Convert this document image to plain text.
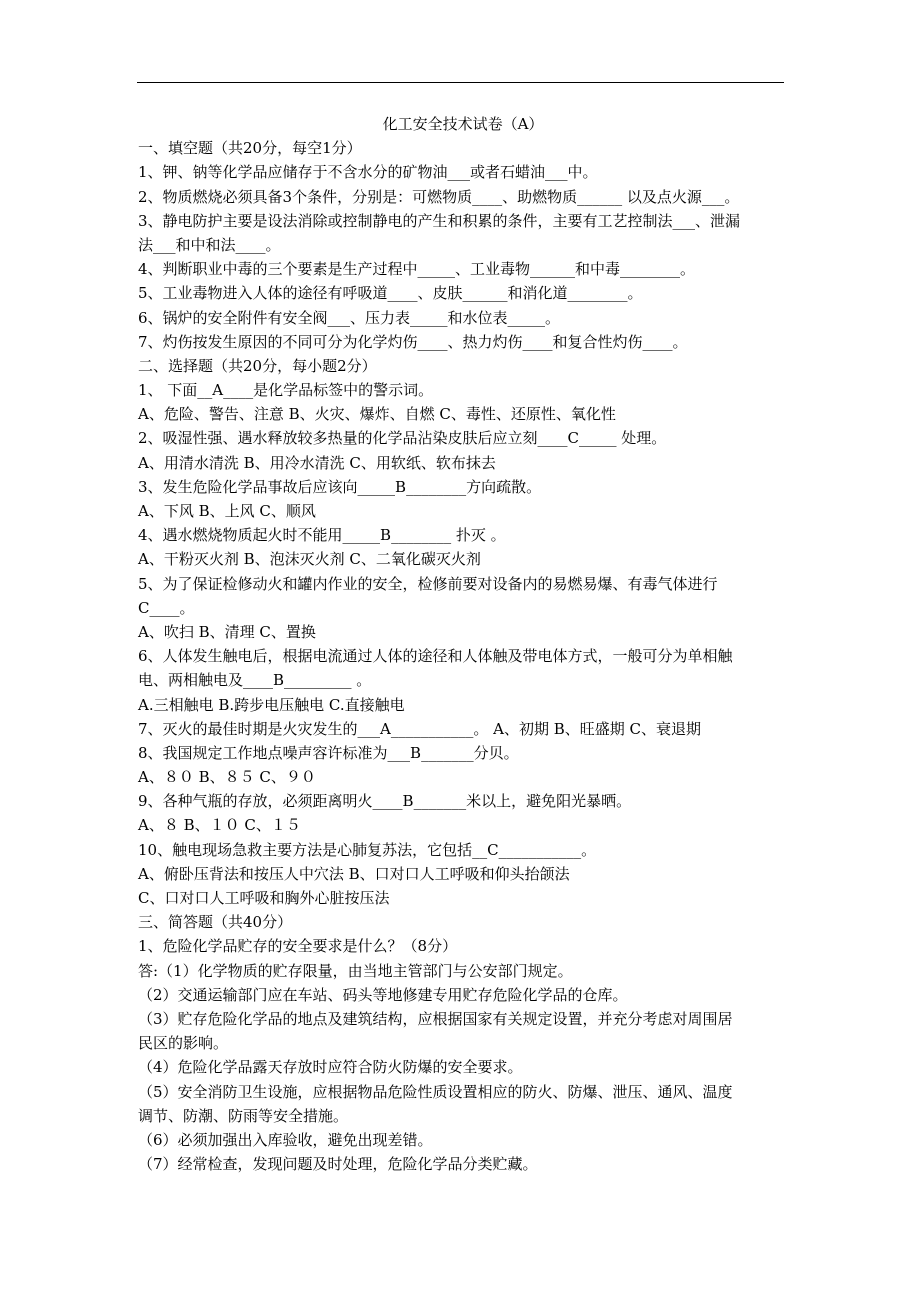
化工安全技术试卷（A）
一、填空题（共20分，每空1分）
1、钾、钠等化学品应储存于不含水分的矿物油___或者石蜡油___中。
2、物质燃烧必须具备3个条件，分别是：可燃物质____、助燃物质______ 以及点火源___。
3、静电防护主要是设法消除或控制静电的产生和积累的条件，主要有工艺控制法___、泄漏
法___和中和法____。
4、判断职业中毒的三个要素是生产过程中_____、工业毒物______和中毒________。
5、工业毒物进入人体的途径有呼吸道____、皮肤______和消化道________。
6、锅炉的安全附件有安全阀___、压力表_____和水位表_____。
7、灼伤按发生原因的不同可分为化学灼伤____、热力灼伤____和复合性灼伤____。
二、选择题（共20分，每小题2分）
1、 下面__A____是化学品标签中的警示词。
A、危险、警告、注意 B、火灾、爆炸、自燃 C、毒性、还原性、氧化性
2、吸湿性强、遇水释放较多热量的化学品沾染皮肤后应立刻____C_____ 处理。
A、用清水清洗 B、用冷水清洗 C、用软纸、软布抹去
3、发生危险化学品事故后应该向_____B________方向疏散。
A、下风 B、上风 C、顺风
4、遇水燃烧物质起火时不能用_____B________ 扑灭 。
A、干粉灭火剂 B、泡沫灭火剂 C、二氧化碳灭火剂
5、为了保证检修动火和罐内作业的安全，检修前要对设备内的易燃易爆、有毒气体进行
C____。
A、吹扫 B、清理 C、置换
6、人体发生触电后，根据电流通过人体的途径和人体触及带电体方式，一般可分为单相触
电、两相触电及____B_________ 。
A.三相触电 B.跨步电压触电 C.直接触电
7、灭火的最佳时期是火灾发生的___A___________。 A、初期 B、旺盛期 C、衰退期
8、我国规定工作地点噪声容许标准为___B_______分贝。
A、８０ B、８５ C、９０
9、各种气瓶的存放，必须距离明火____B_______米以上，避免阳光暴晒。
A、８ B、１０ C、１５
10、触电现场急救主要方法是心肺复苏法，它包括__C___________。
A、俯卧压背法和按压人中穴法 B、口对口人工呼吸和仰头抬颌法
C、口对口人工呼吸和胸外心脏按压法
三、简答题（共40分）
1、危险化学品贮存的安全要求是什么？（8分）
答:（1）化学物质的贮存限量，由当地主管部门与公安部门规定。
（2）交通运输部门应在车站、码头等地修建专用贮存危险化学品的仓库。
（3）贮存危险化学品的地点及建筑结构，应根据国家有关规定设置，并充分考虑对周围居
民区的影响。
（4）危险化学品露天存放时应符合防火防爆的安全要求。
（5）安全消防卫生设施，应根据物品危险性质设置相应的防火、防爆、泄压、通风、温度
调节、防潮、防雨等安全措施。
（6）必须加强出入库验收，避免出现差错。
（7）经常检查，发现问题及时处理，危险化学品分类贮藏。
